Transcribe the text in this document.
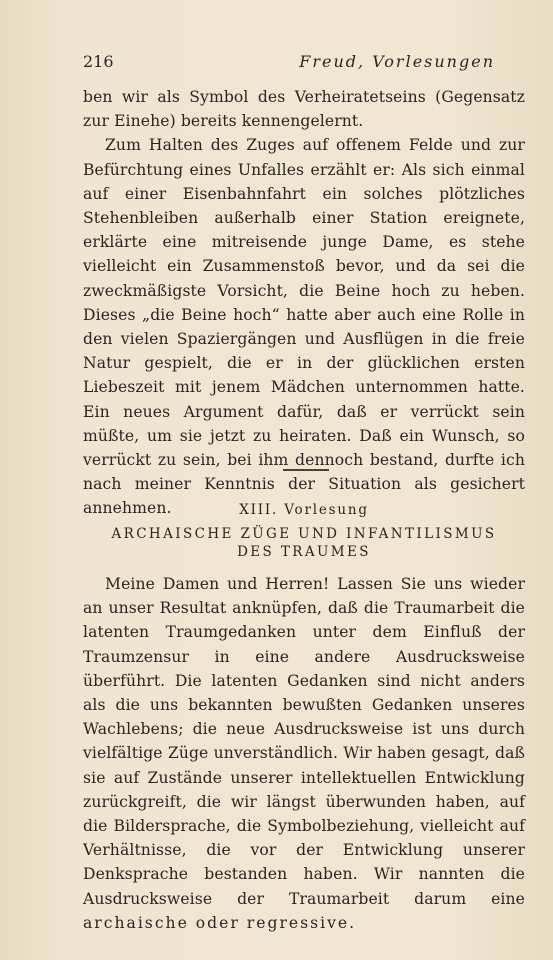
216	Freud, Vorlesungen

ben wir als Symbol des Verheiratetseins (Gegensatz zur Einehe) bereits kennengelernt.

Zum Halten des Zuges auf offenem Felde und zur Befürchtung eines Unfalles erzählt er: Als sich einmal auf einer Eisenbahnfahrt ein solches plötzliches Stehenbleiben außerhalb einer Station ereignete, erklärte eine mitreisende junge Dame, es stehe vielleicht ein Zusammenstoß bevor, und da sei die zweckmäßigste Vorsicht, die Beine hoch zu heben. Dieses „die Beine hoch“ hatte aber auch eine Rolle in den vielen Spaziergängen und Ausflügen in die freie Natur gespielt, die er in der glücklichen ersten Liebeszeit mit jenem Mädchen unternommen hatte. Ein neues Argument dafür, daß er verrückt sein müßte, um sie jetzt zu heiraten. Daß ein Wunsch, so verrückt zu sein, bei ihm dennoch bestand, durfte ich nach meiner Kenntnis der Situation als gesichert annehmen.	XIII. Vorlesung
ARCHAISCHE ZÜGE UND INFANTILISMUS
DES TRAUMES

Meine Damen und Herren! Lassen Sie uns wieder an unser Resultat anknüpfen, daß die Traumarbeit die latenten Traumgedanken unter dem Einfluß der Traumzensur in eine andere Ausdrucksweise überführt. Die latenten Gedanken sind nicht anders als die uns bekannten bewußten Gedanken unseres Wachlebens; die neue Ausdrucksweise ist uns durch vielfältige Züge unverständlich. Wir haben gesagt, daß sie auf Zustände unserer intellektuellen Entwicklung zurückgreift, die wir längst überwunden haben, auf die Bildersprache, die Symbolbeziehung, vielleicht auf Verhältnisse, die vor der Entwicklung unserer Denksprache bestanden haben. Wir nannten die Ausdrucksweise der Traumarbeit darum eine archaische oder regressive.
